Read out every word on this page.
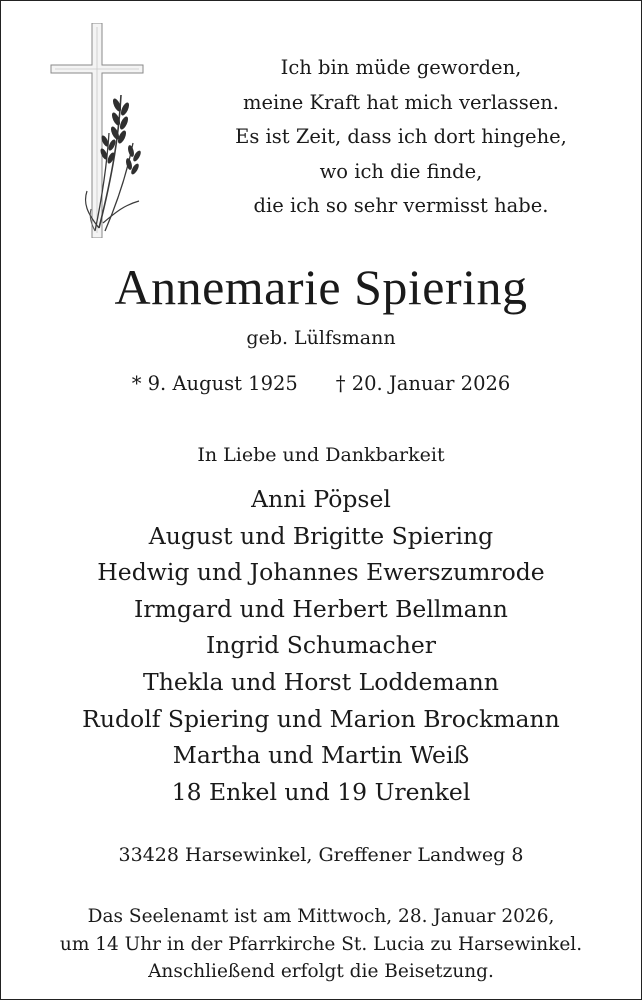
Ich bin müde geworden,
meine Kraft hat mich verlassen.
Es ist Zeit, dass ich dort hingehe,
wo ich die finde,
die ich so sehr vermisst habe.
Annemarie Spiering
geb. Lülfsmann
* 9. August 1925 † 20. Januar 2026
In Liebe und Dankbarkeit
Anni Pöpsel
August und Brigitte Spiering
Hedwig und Johannes Ewerszumrode
Irmgard und Herbert Bellmann
Ingrid Schumacher
Thekla und Horst Loddemann
Rudolf Spiering und Marion Brockmann
Martha und Martin Weiß
18 Enkel und 19 Urenkel
33428 Harsewinkel, Greffener Landweg 8
Das Seelenamt ist am Mittwoch, 28. Januar 2026,
um 14 Uhr in der Pfarrkirche St. Lucia zu Harsewinkel.
Anschließend erfolgt die Beisetzung.
